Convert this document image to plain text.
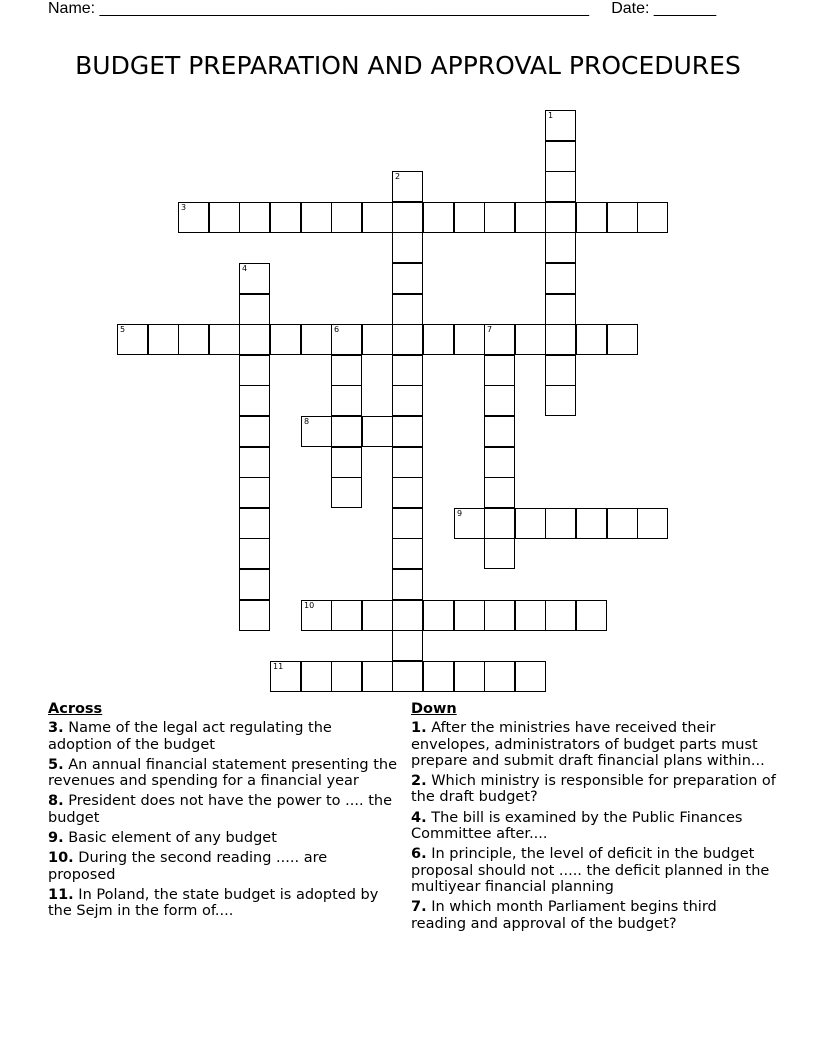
Name: _______________________________________________________     Date: _______
BUDGET PREPARATION AND APPROVAL PROCEDURES
1
2
3
4
5	6	7
8
9
10
11
Across
3. Name of the legal act regulating the adoption of the budget
5. An annual financial statement presenting the revenues and spending for a financial year
8. President does not have the power to .... the budget
9. Basic element of any budget
10. During the second reading ..... are proposed
11. In Poland, the state budget is adopted by the Sejm in the form of....
Down
1. After the ministries have received their envelopes, administrators of budget parts must prepare and submit draft financial plans within...
2. Which ministry is responsible for preparation of the draft budget?
4. The bill is examined by the Public Finances Committee after....
6. In principle, the level of deficit in the budget proposal should not ..... the deficit planned in the multiyear financial planning
7. In which month Parliament begins third reading and approval of the budget?
